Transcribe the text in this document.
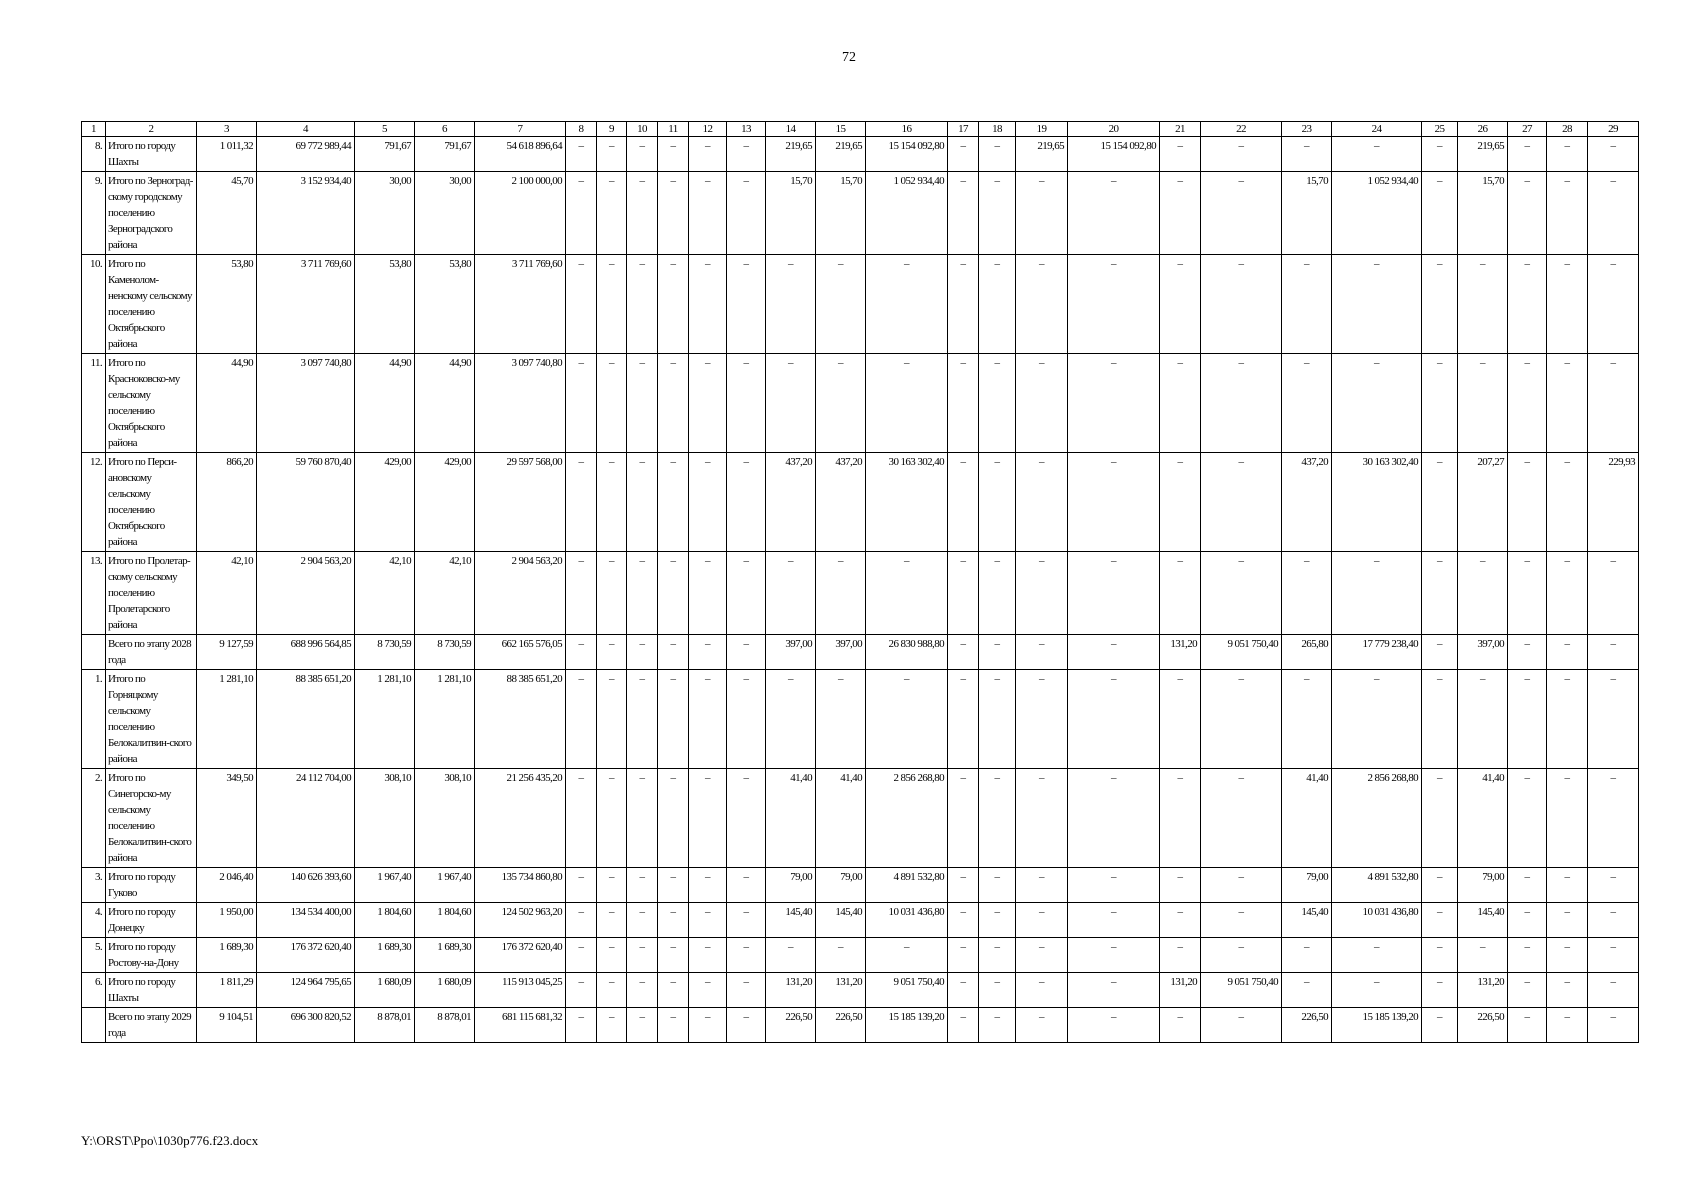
72
1	2	3	4	5	6	7	8	9	10	11	12	13	14	15	16	17	18	19	20	21	22	23	24	25	26	27	28	29
8.	Итого по городу Шахты	1 011,32	69 772 989,44	791,67	791,67	54 618 896,64	–	–	–	–	–	–	219,65	219,65	15 154 092,80	–	–	219,65	15 154 092,80	–	–	–	–	–	219,65	–	–	–
9.	Итого по Зерноград-скому городскому поселению Зерноградского района	45,70	3 152 934,40	30,00	30,00	2 100 000,00	–	–	–	–	–	–	15,70	15,70	1 052 934,40	–	–	–	–	–	–	15,70	1 052 934,40	–	15,70	–	–	–
10.	Итого по Каменолом-ненскому сельскому поселению Октябрьского района	53,80	3 711 769,60	53,80	53,80	3 711 769,60	–	–	–	–	–	–	–	–	–	–	–	–	–	–	–	–	–	–	–	–	–	–
11.	Итого по Красноковско-му сельскому поселению Октябрьского района	44,90	3 097 740,80	44,90	44,90	3 097 740,80	–	–	–	–	–	–	–	–	–	–	–	–	–	–	–	–	–	–	–	–	–	–
12.	Итого по Перси-ановскому сельскому поселению Октябрьского района	866,20	59 760 870,40	429,00	429,00	29 597 568,00	–	–	–	–	–	–	437,20	437,20	30 163 302,40	–	–	–	–	–	–	437,20	30 163 302,40	–	207,27	–	–	229,93
13.	Итого по Пролетар-скому сельскому поселению Пролетарского района	42,10	2 904 563,20	42,10	42,10	2 904 563,20	–	–	–	–	–	–	–	–	–	–	–	–	–	–	–	–	–	–	–	–	–	–
	Всего по этапу 2028 года	9 127,59	688 996 564,85	8 730,59	8 730,59	662 165 576,05	–	–	–	–	–	–	397,00	397,00	26 830 988,80	–	–	–	–	131,20	9 051 750,40	265,80	17 779 238,40	–	397,00	–	–	–
1.	Итого по Горняцкому сельскому поселению Белокалитвин-ского района	1 281,10	88 385 651,20	1 281,10	1 281,10	88 385 651,20	–	–	–	–	–	–	–	–	–	–	–	–	–	–	–	–	–	–	–	–	–	–
2.	Итого по Синегорско-му сельскому поселению Белокалитвин-ского района	349,50	24 112 704,00	308,10	308,10	21 256 435,20	–	–	–	–	–	–	41,40	41,40	2 856 268,80	–	–	–	–	–	–	41,40	2 856 268,80	–	41,40	–	–	–
3.	Итого по городу Гуково	2 046,40	140 626 393,60	1 967,40	1 967,40	135 734 860,80	–	–	–	–	–	–	79,00	79,00	4 891 532,80	–	–	–	–	–	–	79,00	4 891 532,80	–	79,00	–	–	–
4.	Итого по городу Донецку	1 950,00	134 534 400,00	1 804,60	1 804,60	124 502 963,20	–	–	–	–	–	–	145,40	145,40	10 031 436,80	–	–	–	–	–	–	145,40	10 031 436,80	–	145,40	–	–	–
5.	Итого по городу Ростову-на-Дону	1 689,30	176 372 620,40	1 689,30	1 689,30	176 372 620,40	–	–	–	–	–	–	–	–	–	–	–	–	–	–	–	–	–	–	–	–	–	–
6.	Итого по городу Шахты	1 811,29	124 964 795,65	1 680,09	1 680,09	115 913 045,25	–	–	–	–	–	–	131,20	131,20	9 051 750,40	–	–	–	–	131,20	9 051 750,40	–	–	–	131,20	–	–	–
	Всего по этапу 2029 года	9 104,51	696 300 820,52	8 878,01	8 878,01	681 115 681,32	–	–	–	–	–	–	226,50	226,50	15 185 139,20	–	–	–	–	–	–	226,50	15 185 139,20	–	226,50	–	–	–
Y:\ORST\Ppo\1030p776.f23.docx
